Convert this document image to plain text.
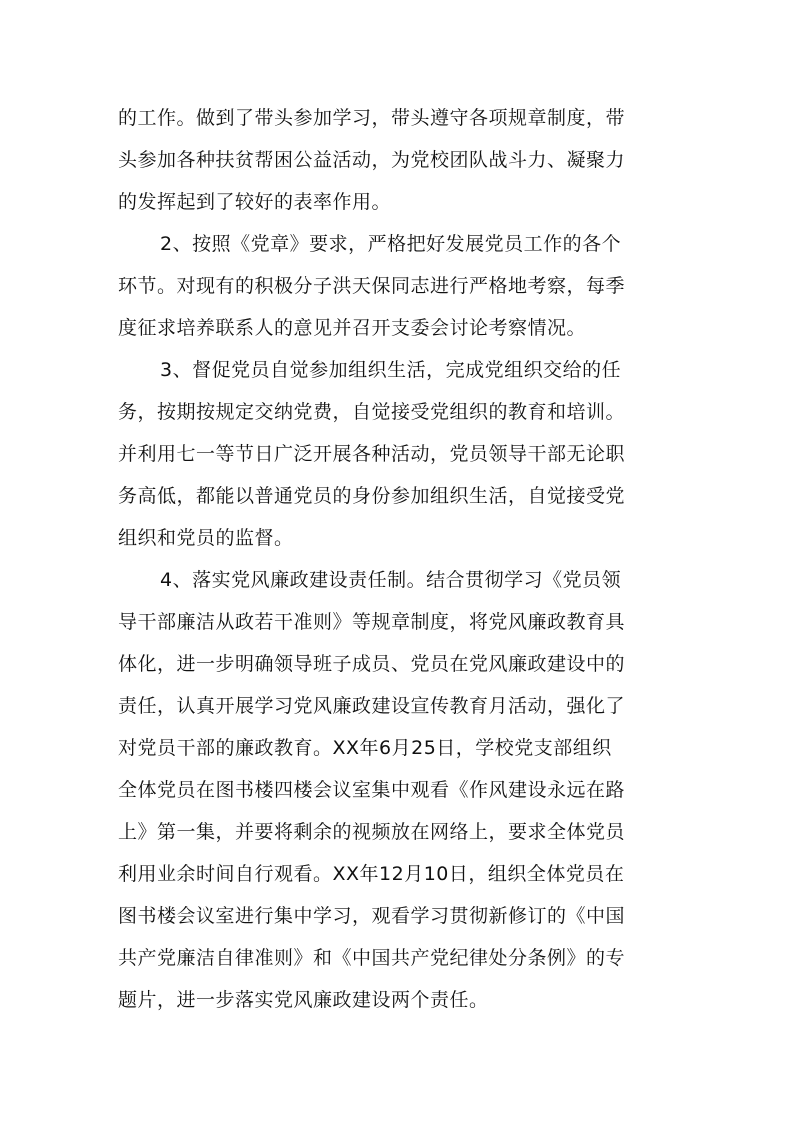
的工作。做到了带头参加学习，带头遵守各项规章制度，带
头参加各种扶贫帮困公益活动，为党校团队战斗力、凝聚力
的发挥起到了较好的表率作用。
2、按照《党章》要求，严格把好发展党员工作的各个
环节。对现有的积极分子洪天保同志进行严格地考察，每季
度征求培养联系人的意见并召开支委会讨论考察情况。
3、督促党员自觉参加组织生活，完成党组织交给的任
务，按期按规定交纳党费，自觉接受党组织的教育和培训。
并利用七一等节日广泛开展各种活动，党员领导干部无论职
务高低，都能以普通党员的身份参加组织生活，自觉接受党
组织和党员的监督。
4、落实党风廉政建设责任制。结合贯彻学习《党员领
导干部廉洁从政若干准则》等规章制度，将党风廉政教育具
体化，进一步明确领导班子成员、党员在党风廉政建设中的
责任，认真开展学习党风廉政建设宣传教育月活动，强化了
对党员干部的廉政教育。XX年6月25日，学校党支部组织
全体党员在图书楼四楼会议室集中观看《作风建设永远在路
上》第一集，并要将剩余的视频放在网络上，要求全体党员
利用业余时间自行观看。XX年12月10日，组织全体党员在
图书楼会议室进行集中学习，观看学习贯彻新修订的《中国
共产党廉洁自律准则》和《中国共产党纪律处分条例》的专
题片，进一步落实党风廉政建设两个责任。
